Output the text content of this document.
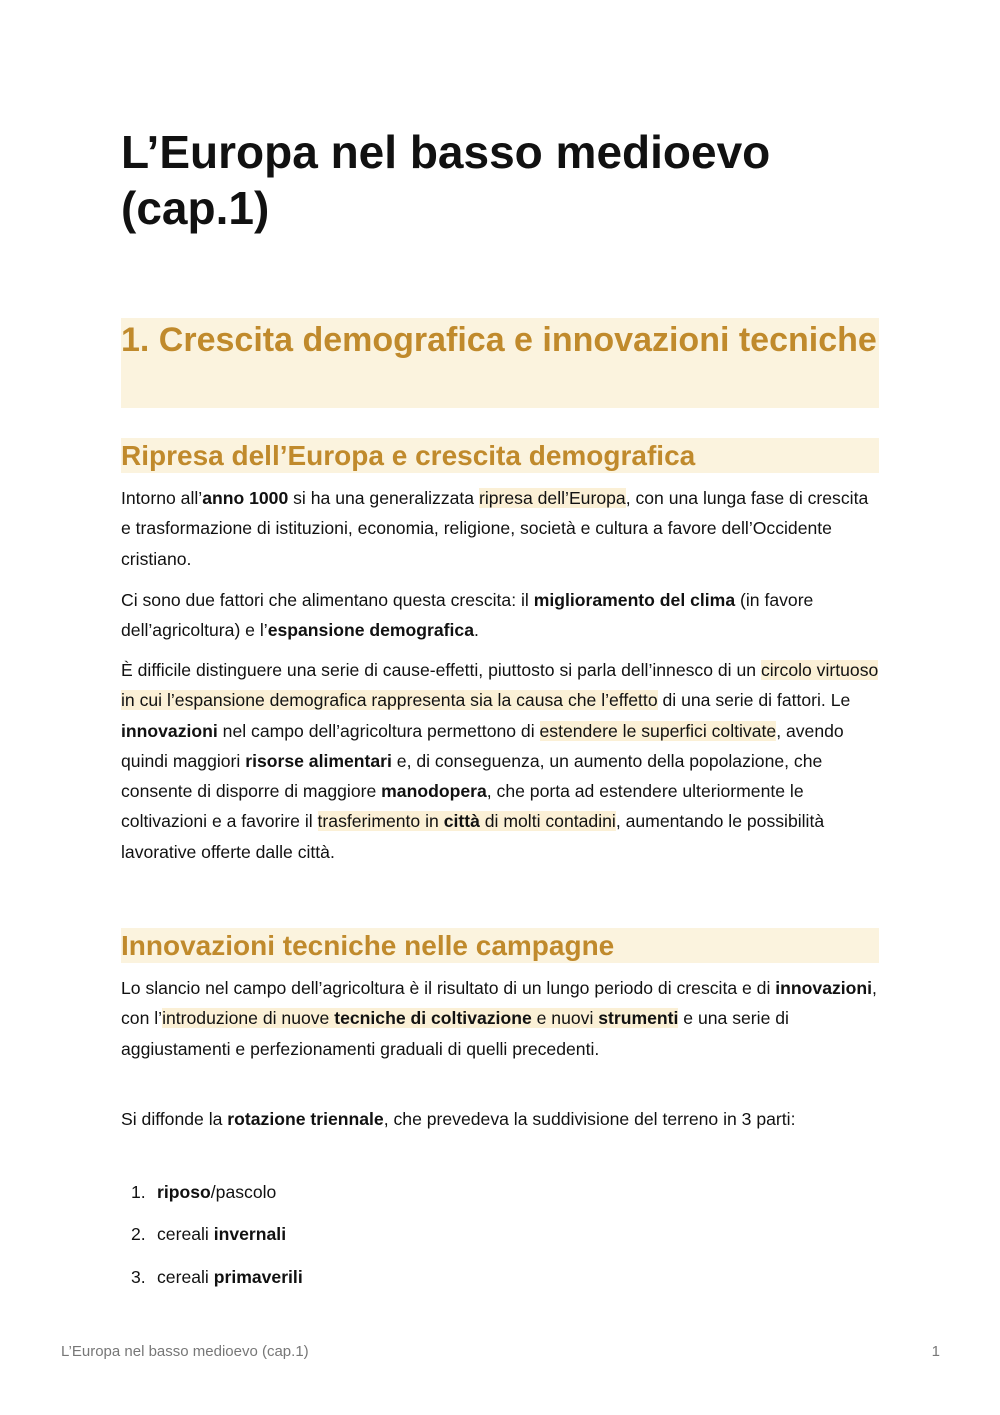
L’Europa nel basso medioevo (cap.1)
1. Crescita demografica e innovazioni tecniche
Ripresa dell’Europa e crescita demografica

Intorno all’anno 1000 si ha una generalizzata ripresa dell’Europa, con una lunga fase di crescita e trasformazione di istituzioni, economia, religione, società e cultura a favore dell’Occidente cristiano.

Ci sono due fattori che alimentano questa crescita: il miglioramento del clima (in favore dell’agricoltura) e l’espansione demografica.

È difficile distinguere una serie di cause-effetti, piuttosto si parla dell’innesco di un circolo virtuoso in cui l’espansione demografica rappresenta sia la causa che l’effetto di una serie di fattori. Le innovazioni nel campo dell’agricoltura permettono di estendere le superfici coltivate, avendo quindi maggiori risorse alimentari e, di conseguenza, un aumento della popolazione, che consente di disporre di maggiore manodopera, che porta ad estendere ulteriormente le coltivazioni e a favorire il trasferimento in città di molti contadini, aumentando le possibilità lavorative offerte dalle città.

Innovazioni tecniche nelle campagne

Lo slancio nel campo dell’agricoltura è il risultato di un lungo periodo di crescita e di innovazioni, con l’introduzione di nuove tecniche di coltivazione e nuovi strumenti e una serie di aggiustamenti e perfezionamenti graduali di quelli precedenti.

Si diffonde la rotazione triennale, che prevedeva la suddivisione del terreno in 3 parti:

1. riposo/pascolo
2. cereali invernali
3. cereali primaverili
L’Europa nel basso medioevo (cap.1)	1
